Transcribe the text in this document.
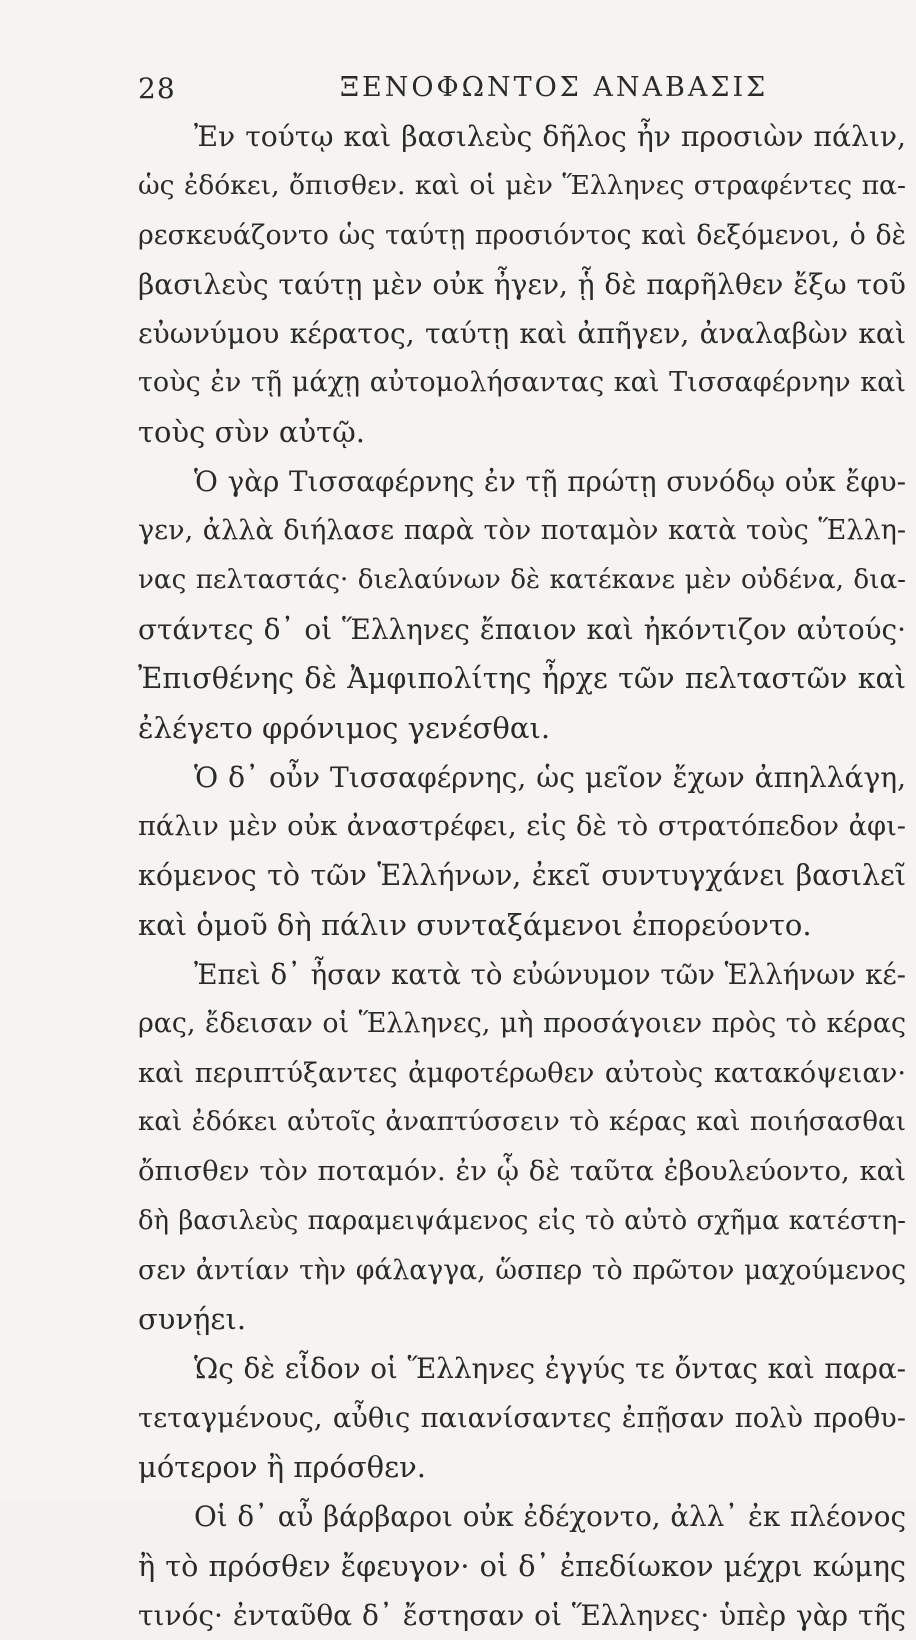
28	ΞΕΝΟΦΩΝΤΟΣ ΑΝΑΒΑΣΙΣ
Ἐν τούτῳ καὶ βασιλεὺς δῆλος ἦν προσιὼν πάλιν,
ὡς ἐδόκει, ὄπισθεν. καὶ οἱ μὲν Ἕλληνες στραφέντες πα-
ρεσκευάζοντο ὡς ταύτῃ προσιόντος καὶ δεξόμενοι, ὁ δὲ
βασιλεὺς ταύτῃ μὲν οὐκ ἦγεν, ᾗ δὲ παρῆλθεν ἔξω τοῦ
εὐωνύμου κέρατος, ταύτῃ καὶ ἀπῆγεν, ἀναλαβὼν καὶ
τοὺς ἐν τῇ μάχῃ αὐτομολήσαντας καὶ Τισσαφέρνην καὶ
τοὺς σὺν αὐτῷ.
Ὁ γὰρ Τισσαφέρνης ἐν τῇ πρώτῃ συνόδῳ οὐκ ἔφυ-
γεν, ἀλλὰ διήλασε παρὰ τὸν ποταμὸν κατὰ τοὺς Ἕλλη-
νας πελταστάς· διελαύνων δὲ κατέκανε μὲν οὐδένα, δια-
στάντες δ᾽ οἱ Ἕλληνες ἔπαιον καὶ ἠκόντιζον αὐτούς·
Ἐπισθένης δὲ Ἀμφιπολίτης ἦρχε τῶν πελταστῶν καὶ
ἐλέγετο φρόνιμος γενέσθαι.
Ὁ δ᾽ οὖν Τισσαφέρνης, ὡς μεῖον ἔχων ἀπηλλάγη,
πάλιν μὲν οὐκ ἀναστρέφει, εἰς δὲ τὸ στρατόπεδον ἀφι-
κόμενος τὸ τῶν Ἑλλήνων, ἐκεῖ συντυγχάνει βασιλεῖ
καὶ ὁμοῦ δὴ πάλιν συνταξάμενοι ἐπορεύοντο.
Ἐπεὶ δ᾽ ἦσαν κατὰ τὸ εὐώνυμον τῶν Ἑλλήνων κέ-
ρας, ἔδεισαν οἱ Ἕλληνες, μὴ προσάγοιεν πρὸς τὸ κέρας
καὶ περιπτύξαντες ἀμφοτέρωθεν αὐτοὺς κατακόψειαν·
καὶ ἐδόκει αὐτοῖς ἀναπτύσσειν τὸ κέρας καὶ ποιήσασθαι
ὄπισθεν τὸν ποταμόν. ἐν ᾧ δὲ ταῦτα ἐβουλεύοντο, καὶ
δὴ βασιλεὺς παραμειψάμενος εἰς τὸ αὐτὸ σχῆμα κατέστη-
σεν ἀντίαν τὴν φάλαγγα, ὥσπερ τὸ πρῶτον μαχούμενος
συνῄει.
Ὡς δὲ εἶδον οἱ Ἕλληνες ἐγγύς τε ὄντας καὶ παρα-
τεταγμένους, αὖθις παιανίσαντες ἐπῇσαν πολὺ προθυ-
μότερον ἢ πρόσθεν.
Οἱ δ᾽ αὖ βάρβαροι οὐκ ἐδέχοντο, ἀλλ᾽ ἐκ πλέονος
ἢ τὸ πρόσθεν ἔφευγον· οἱ δ᾽ ἐπεδίωκον μέχρι κώμης
τινός· ἐνταῦθα δ᾽ ἔστησαν οἱ Ἕλληνες· ὑπὲρ γὰρ τῆς
